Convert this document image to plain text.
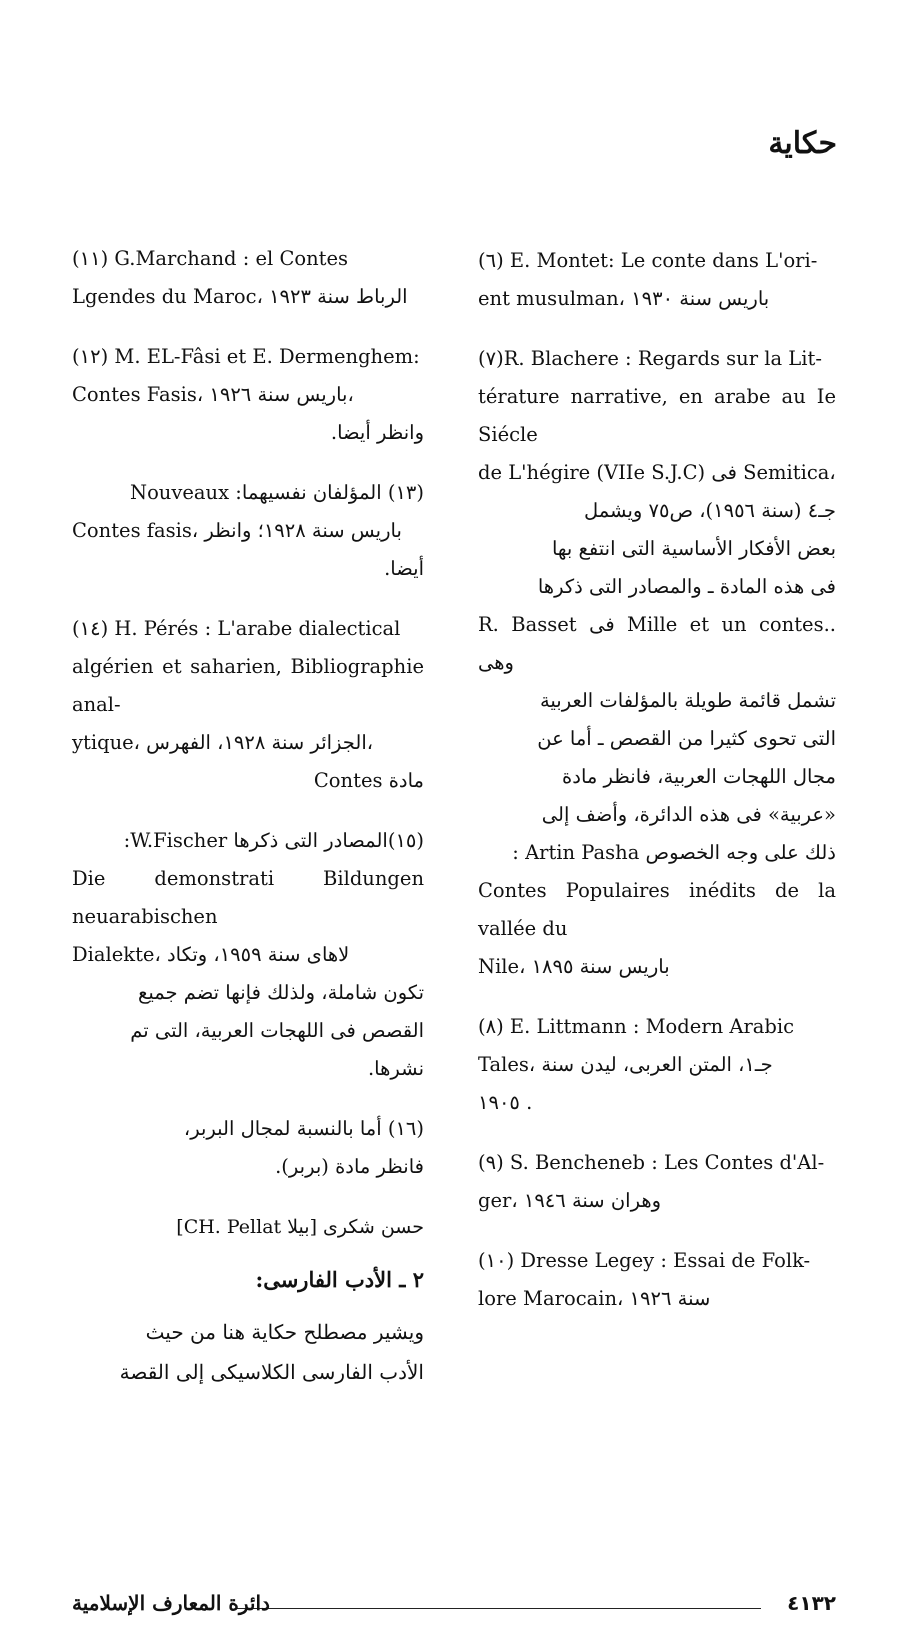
حكاية
(٦) E. Montet: Le conte dans L'ori-
ent musulman، باريس سنة ١٩٣٠
(٧)R. Blachere : Regards sur la Lit-
térature narrative, en arabe au Ie Siécle
de L'hégire (VIIe S.J.C) فى Semitica،
جـ٤ (سنة ١٩٥٦)، ص٧٥ ويشمل
بعض الأفكار الأساسية التى انتفع بها
فى هذه المادة ـ والمصادر التى ذكرها
R. Basset فى Mille et un contes.. وهى
تشمل قائمة طويلة بالمؤلفات العربية
التى تحوى كثيرا من القصص ـ أما عن
مجال اللهجات العربية، فانظر مادة
«عربية» فى هذه الدائرة، وأضف إلى
ذلك على وجه الخصوص Artin Pasha :
Contes Populaires inédits de la vallée du
Nile، باريس سنة ١٨٩٥
(٨) E. Littmann : Modern Arabic
Tales، جـ١، المتن العربى، ليدن سنة
١٩٠٥ .
(٩) S. Bencheneb : Les Contes d'Al-
ger، وهران سنة ١٩٤٦
(١٠) Dresse Legey : Essai de Folk-
lore Marocain، سنة ١٩٢٦
(١١) G.Marchand : el Contes
Lgendes du Maroc، الرباط سنة ١٩٢٣
(١٢) M. EL-Fâsi et E. Dermenghem:
Contes Fasis، باريس سنة ١٩٢٦،
وانظر أيضا.
(١٣) المؤلفان نفسيهما: Nouveaux
Contes fasis، باريس سنة ١٩٢٨؛ وانظر
أيضا.
(١٤) H. Pérés : L'arabe dialectical
algérien et saharien, Bibliographie anal-
ytique، الجزائر سنة ١٩٢٨، الفهرس،
مادة Contes
(١٥)المصادر التى ذكرها W.Fischer:
Die demonstrati Bildungen neuarabischen
Dialekte، لاهاى سنة ١٩٥٩، وتكاد
تكون شاملة، ولذلك فإنها تضم جميع
القصص فى اللهجات العربية، التى تم
نشرها.
(١٦) أما بالنسبة لمجال البربر،
فانظر مادة (بربر).

حسن شكرى [بيلا CH. Pellat]

٢ ـ الأدب الفارسى:

ويشير مصطلح حكاية هنا من حيث
الأدب الفارسى الكلاسيكى إلى القصة

٤١٣٢
دائرة المعارف الإسلامية
